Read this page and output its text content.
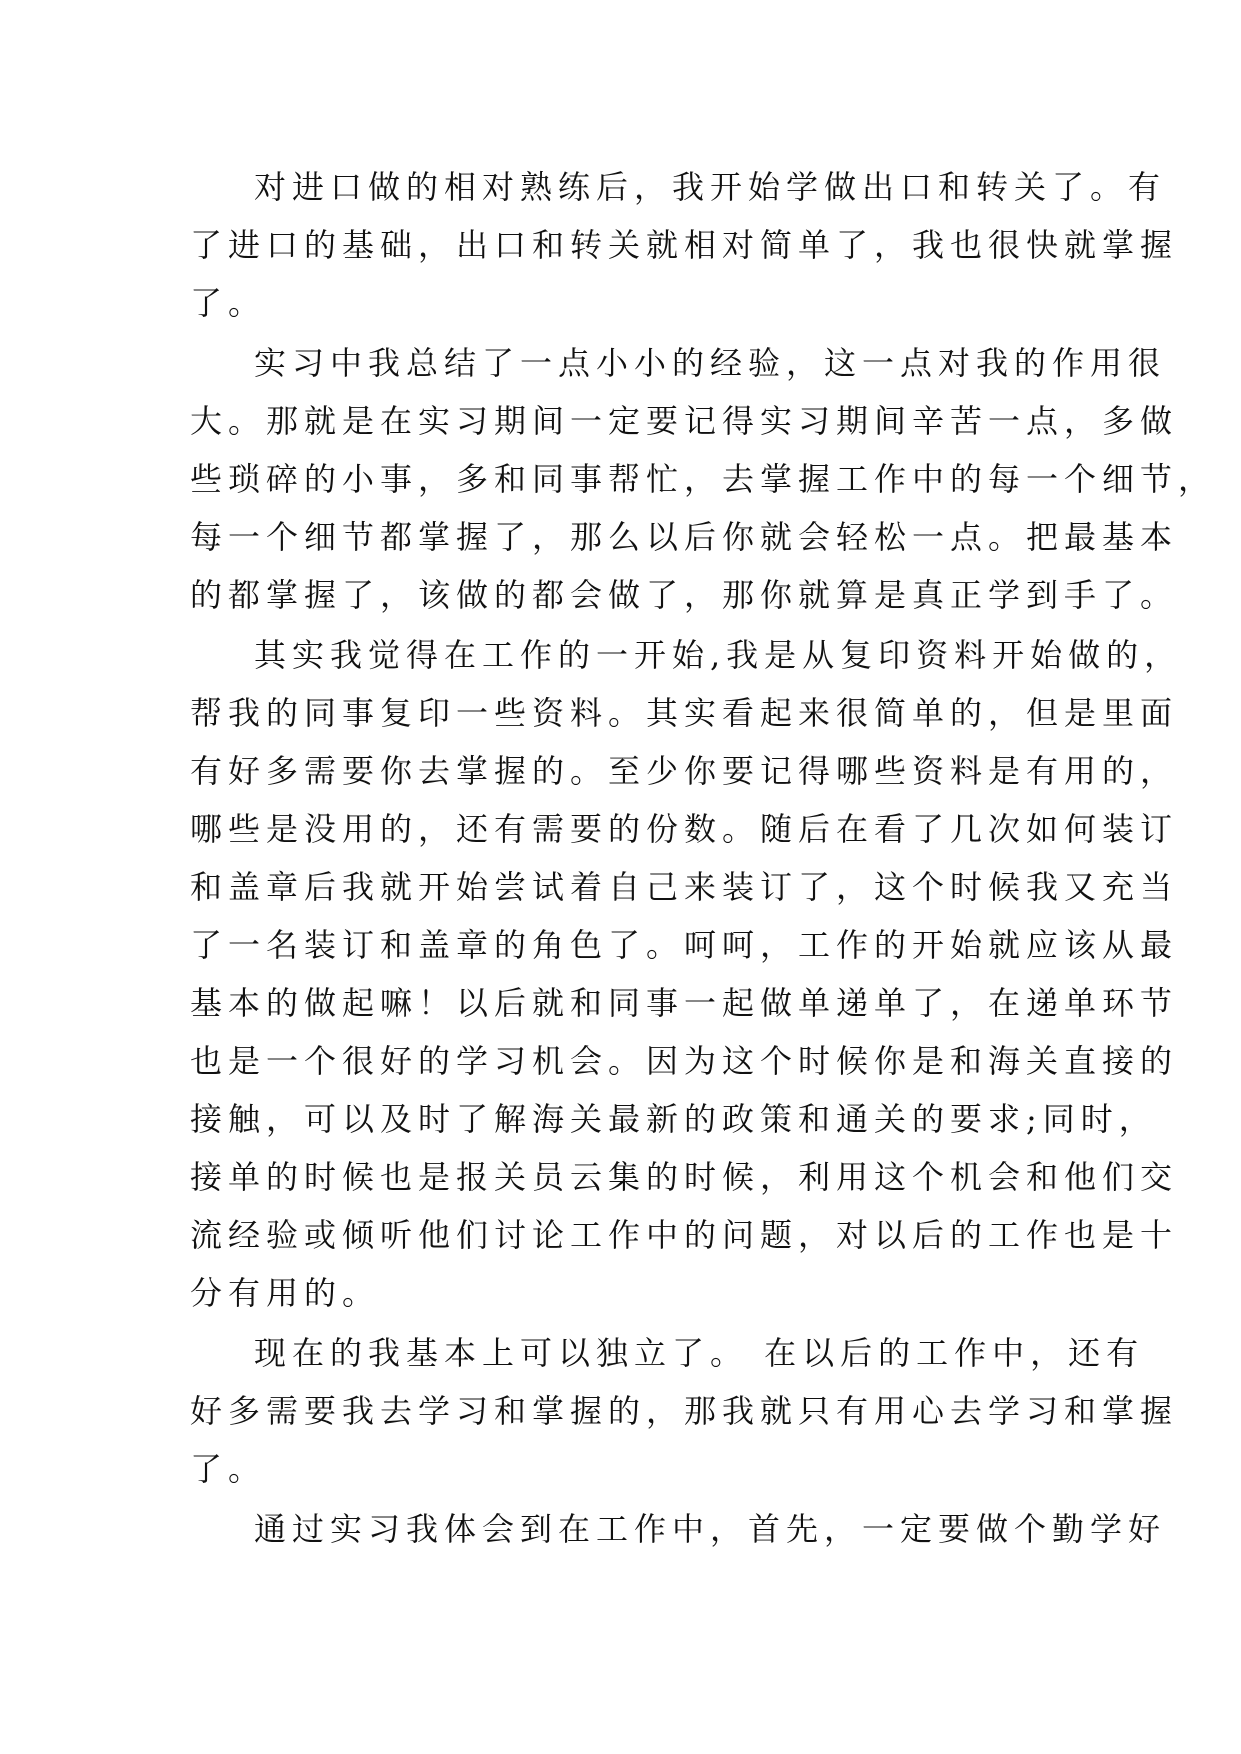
对进口做的相对熟练后，我开始学做出口和转关了。有
了进口的基础，出口和转关就相对简单了，我也很快就掌握
了。
实习中我总结了一点小小的经验，这一点对我的作用很
大。那就是在实习期间一定要记得实习期间辛苦一点，多做
些琐碎的小事，多和同事帮忙，去掌握工作中的每一个细节，
每一个细节都掌握了，那么以后你就会轻松一点。把最基本
的都掌握了，该做的都会做了，那你就算是真正学到手了。
其实我觉得在工作的一开始,我是从复印资料开始做的，
帮我的同事复印一些资料。其实看起来很简单的，但是里面
有好多需要你去掌握的。至少你要记得哪些资料是有用的，
哪些是没用的，还有需要的份数。随后在看了几次如何装订
和盖章后我就开始尝试着自己来装订了，这个时候我又充当
了一名装订和盖章的角色了。呵呵，工作的开始就应该从最
基本的做起嘛！以后就和同事一起做单递单了，在递单环节
也是一个很好的学习机会。因为这个时候你是和海关直接的
接触，可以及时了解海关最新的政策和通关的要求;同时，
接单的时候也是报关员云集的时候，利用这个机会和他们交
流经验或倾听他们讨论工作中的问题，对以后的工作也是十
分有用的。
现在的我基本上可以独立了。 在以后的工作中，还有
好多需要我去学习和掌握的，那我就只有用心去学习和掌握
了。
通过实习我体会到在工作中，首先，一定要做个勤学好
